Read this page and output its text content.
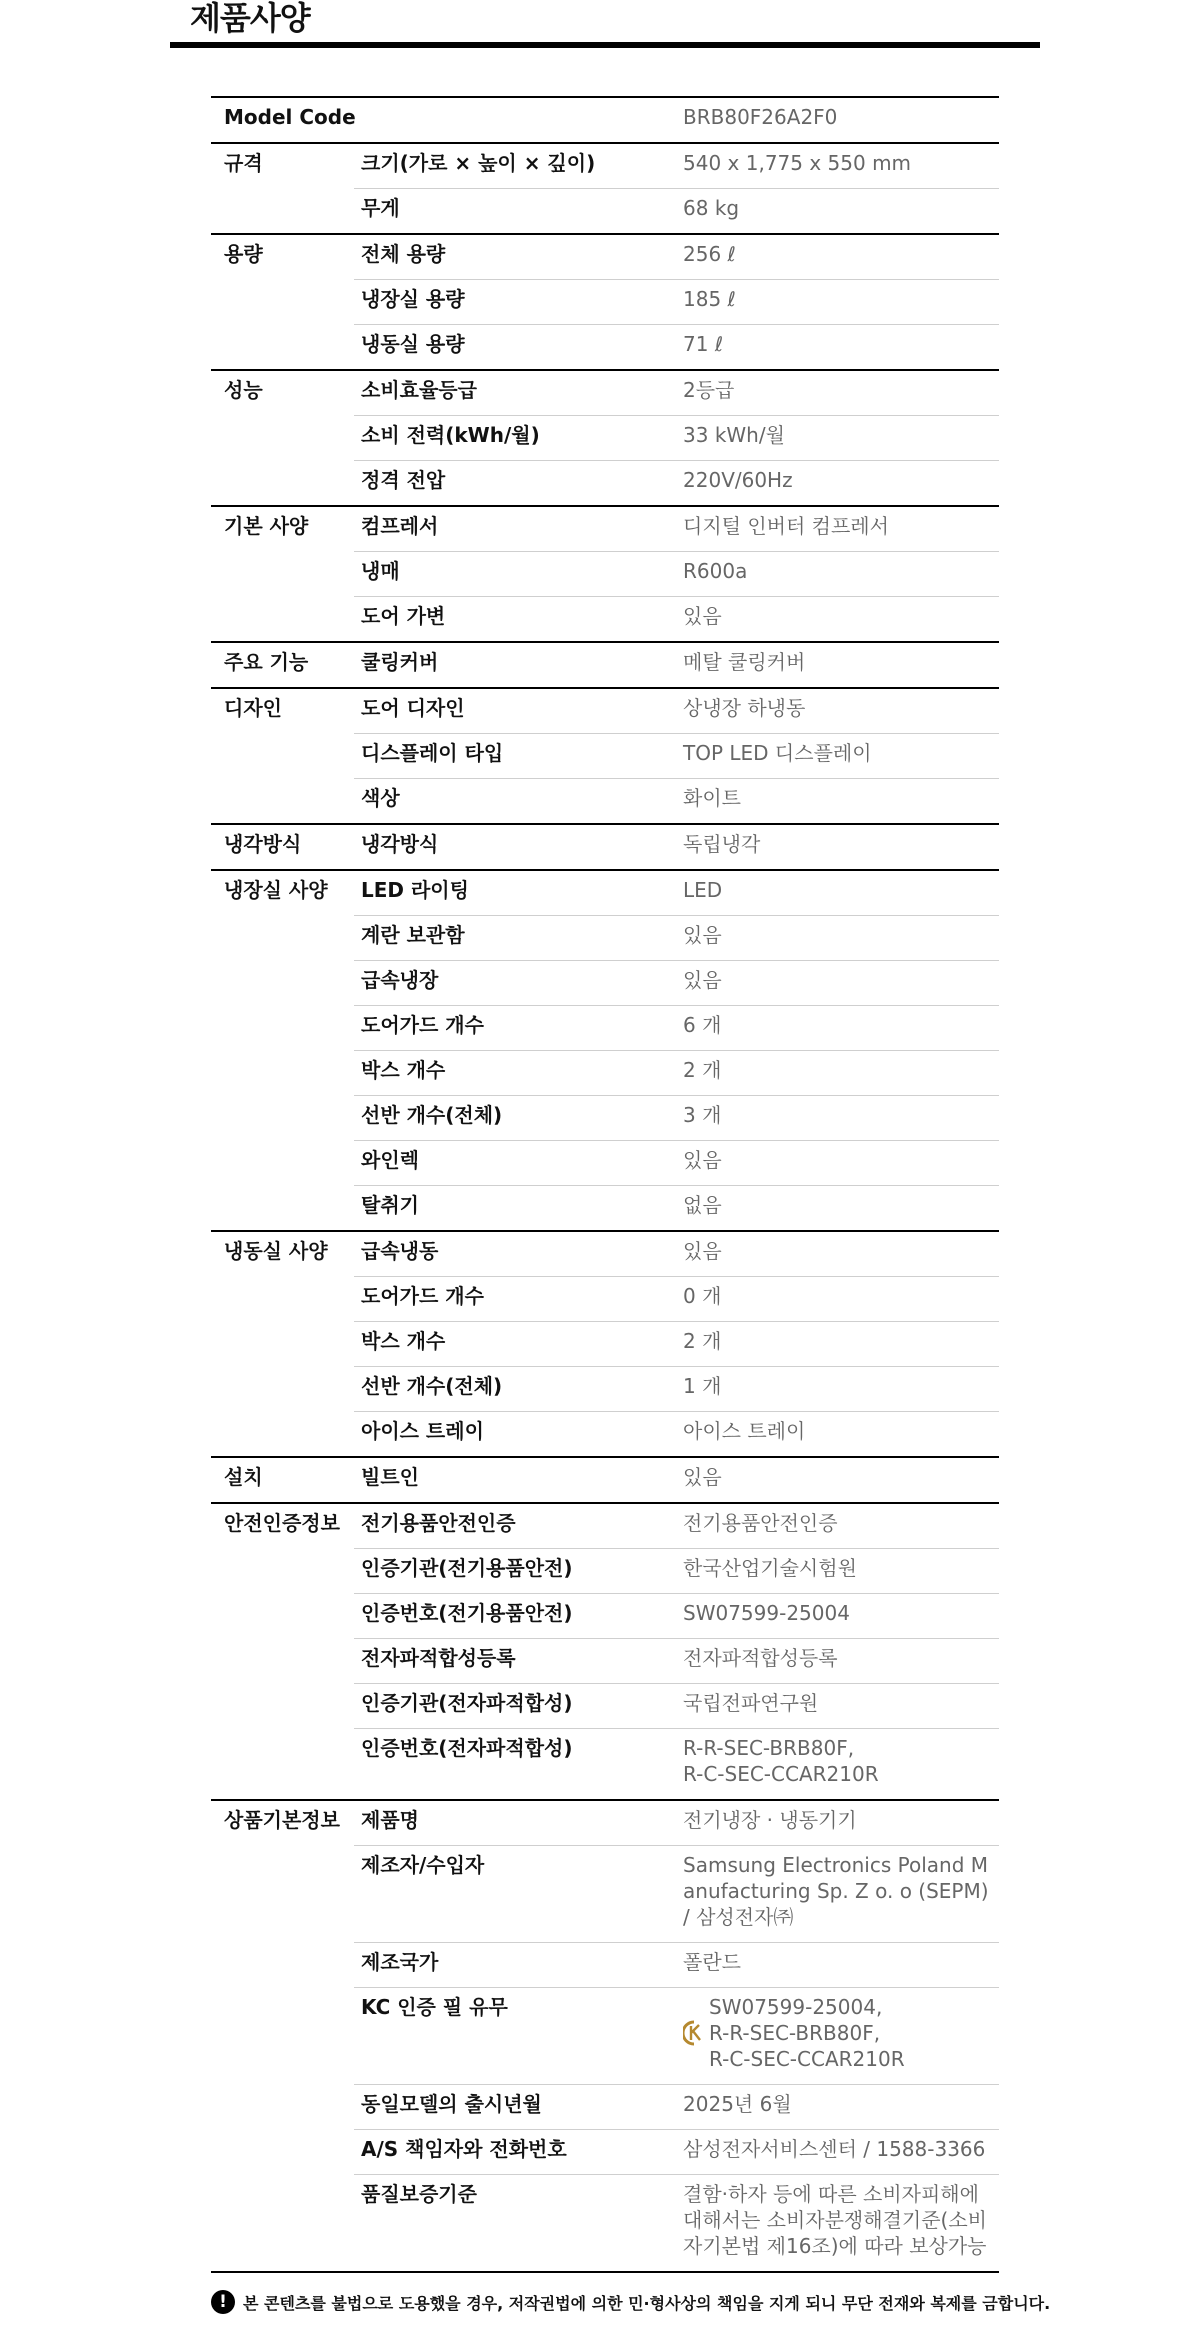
제품사양
Model Code		BRB80F26A2F0
규격	크기(가로 × 높이 × 깊이)	540 x 1,775 x 550 mm
	무게	68 kg
용량	전체 용량	256 ℓ
	냉장실 용량	185 ℓ
	냉동실 용량	71 ℓ
성능	소비효율등급	2등급
	소비 전력(kWh/월)	33 kWh/월
	정격 전압	220V/60Hz
기본 사양	컴프레서	디지털 인버터 컴프레서
	냉매	R600a
	도어 가변	있음
주요 기능	쿨링커버	메탈 쿨링커버
디자인	도어 디자인	상냉장 하냉동
	디스플레이 타입	TOP LED 디스플레이
	색상	화이트
냉각방식	냉각방식	독립냉각
냉장실 사양	LED 라이팅	LED
	계란 보관함	있음
	급속냉장	있음
	도어가드 개수	6 개
	박스 개수	2 개
	선반 개수(전체)	3 개
	와인렉	있음
	탈취기	없음
냉동실 사양	급속냉동	있음
	도어가드 개수	0 개
	박스 개수	2 개
	선반 개수(전체)	1 개
	아이스 트레이	아이스 트레이
설치	빌트인	있음
안전인증정보	전기용품안전인증	전기용품안전인증
	인증기관(전기용품안전)	한국산업기술시험원
	인증번호(전기용품안전)	SW07599-25004
	전자파적합성등록	전자파적합성등록
	인증기관(전자파적합성)	국립전파연구원
	인증번호(전자파적합성)	R-R-SEC-BRB80F,
R-C-SEC-CCAR210R
상품기본정보	제품명	전기냉장 · 냉동기기
	제조자/수입자	Samsung Electronics Poland Manufacturing Sp. Z o. o (SEPM) / 삼성전자㈜
	제조국가	폴란드
	KC 인증 필 유무	SW07599-25004,
R-R-SEC-BRB80F,
R-C-SEC-CCAR210R

	동일모델의 출시년월	2025년 6월
	A/S 책임자와 전화번호	삼성전자서비스센터 / 1588-3366
	품질보증기준	결함·하자 등에 따른 소비자피해에 대해서는 소비자분쟁해결기준(소비자기본법 제16조)에 따라 보상가능
!	본 콘텐츠를 불법으로 도용했을 경우, 저작권법에 의한 민·형사상의 책임을 지게 되니 무단 전재와 복제를 금합니다.
